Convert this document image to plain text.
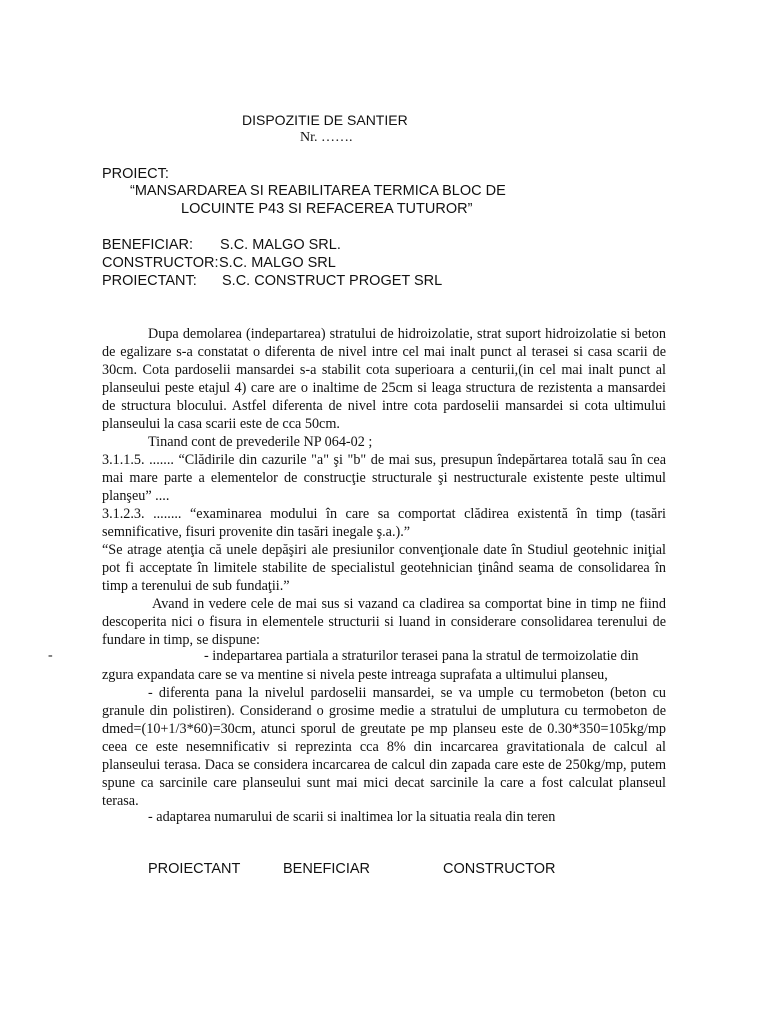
DISPOZITIE DE SANTIER
Nr. …….
PROIECT:
“MANSARDAREA SI REABILITAREA TERMICA BLOC DE
LOCUINTE P43 SI REFACEREA TUTUROR”
BENEFICIAR: S.C. MALGO SRL.
CONSTRUCTOR: S.C. MALGO SRL
PROIECTANT: S.C. CONSTRUCT PROGET SRL
Dupa demolarea (indepartarea) stratului de hidroizolatie, strat suport hidroizolatie si beton de egalizare s-a constatat o diferenta de nivel intre cel mai inalt punct al terasei si casa scarii de 30cm. Cota pardoselii mansardei s-a stabilit cota superioara a centurii,(in cel mai inalt punct al planseului peste etajul 4) care are o inaltime de 25cm si leaga structura de rezistenta a mansardei de structura blocului. Astfel diferenta de nivel intre cota pardoselii mansardei si cota ultimului planseului la casa scarii este de cca 50cm.
Tinand cont de prevederile NP 064-02 ;
3.1.1.5. ....... “Clădirile din cazurile "a" şi "b" de mai sus, presupun îndepărtarea totală sau în cea mai mare parte a elementelor de construcţie structurale şi nestructurale existente peste ultimul planşeu” ....
3.1.2.3. ........ “examinarea modului în care sa comportat clădirea existentă în timp (tasări semnificative, fisuri provenite din tasări inegale ş.a.).”
“Se atrage atenţia că unele depăşiri ale presiunilor convenţionale date în Studiul geotehnic iniţial pot fi acceptate în limitele stabilite de specialistul geotehnician ţinând seama de consolidarea în timp a terenului de sub fundaţii.”
Avand in vedere cele de mai sus si vazand ca cladirea sa comportat bine in timp ne fiind descoperita nici o fisura in elementele structurii si luand in considerare consolidarea terenului de fundare in timp, se dispune:
-	- indepartarea partiala a straturilor terasei pana la stratul de termoizolatie din
zgura expandata care se va mentine si nivela peste intreaga suprafata a ultimului planseu,
- diferenta pana la nivelul pardoselii mansardei, se va umple cu termobeton (beton cu granule din polistiren). Considerand o grosime medie a stratului de umplutura cu termobeton de dmed=(10+1/3*60)=30cm, atunci sporul de greutate pe mp planseu este de 0.30*350=105kg/mp ceea ce este nesemnificativ si reprezinta cca 8% din incarcarea gravitationala de calcul al planseului terasa. Daca se considera incarcarea de calcul din zapada care este de 250kg/mp, putem spune ca sarcinile care planseului sunt mai mici decat sarcinile la care a fost calculat planseul terasa.
- adaptarea numarului de scarii si inaltimea lor la situatia reala din teren
PROIECTANT	BENEFICIAR	CONSTRUCTOR
